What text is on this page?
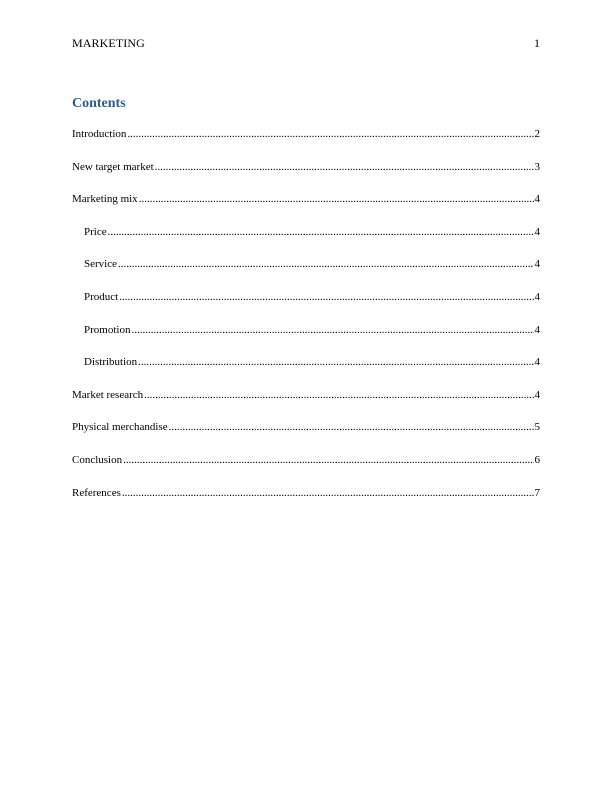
MARKETING	1
Contents
Introduction .....	2
New target market .....	3
Marketing mix .....	4
Price .....	4
Service .....	4
Product .....	4
Promotion .....	4
Distribution .....	4
Market research .....	4
Physical merchandise .....	5
Conclusion .....	6
References .....	7
